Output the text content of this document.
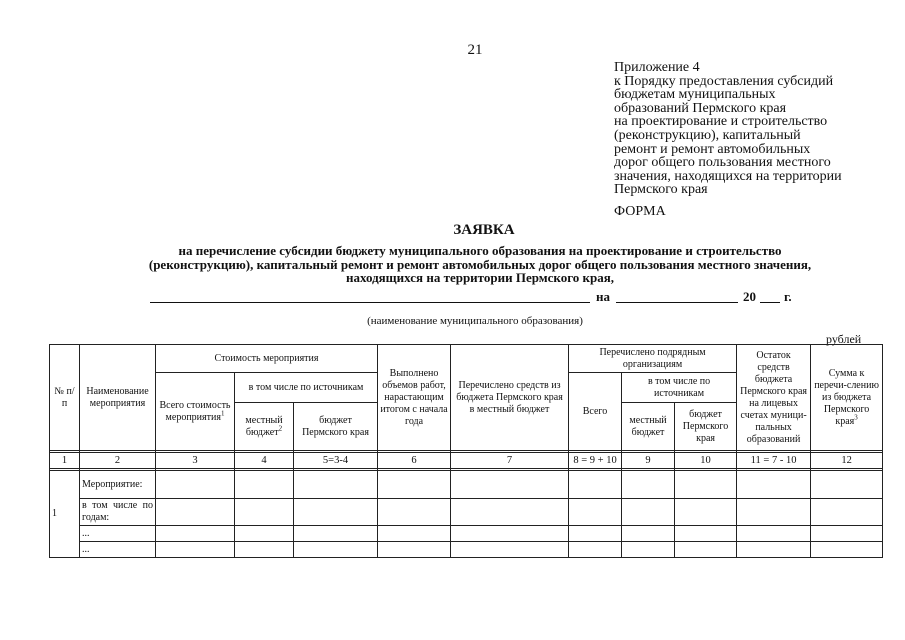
21
Приложение 4
к Порядку предоставления субсидий
бюджетам муниципальных
образований Пермского края
на проектирование и строительство
(реконструкцию), капитальный
ремонт и ремонт автомобильных
дорог общего пользования местного
значения, находящихся на территории
Пермского края
ФОРМА
ЗАЯВКА
на перечисление субсидии бюджету муниципального образования на проектирование и строительство
(реконструкцию), капитальный ремонт и ремонт автомобильных дорог общего пользования местного значения,
находящихся на территории Пермского края,
на	20 г.
(наименование муниципального образования)
рублей
№ п/п	Наименование мероприятия	Стоимость мероприятия			Выполнено объемов работ, нарастающим итогом с начала года	Перечислено средств из бюджета Пермского края в местный бюджет	Перечислено подрядным организациям			Остаток средств бюджета Пермского края на лицевых счетах муници-пальных образований	Сумма к перечи-слению из бюджета Пермского края$^3$
		Всего стоимость мероприятия$^1$	в том числе по источникам				Всего	в том числе по источникам			
			местный бюджет$^2$	бюджет Пермского края				местный бюджет	бюджет Пермского края		

1	2	3	4	5=3-4	6	7	8 = 9 + 10	9	10	11 = 7 - 10	12

1	Мероприятие:										
	в том числе по годам:										
	...										
	...										
